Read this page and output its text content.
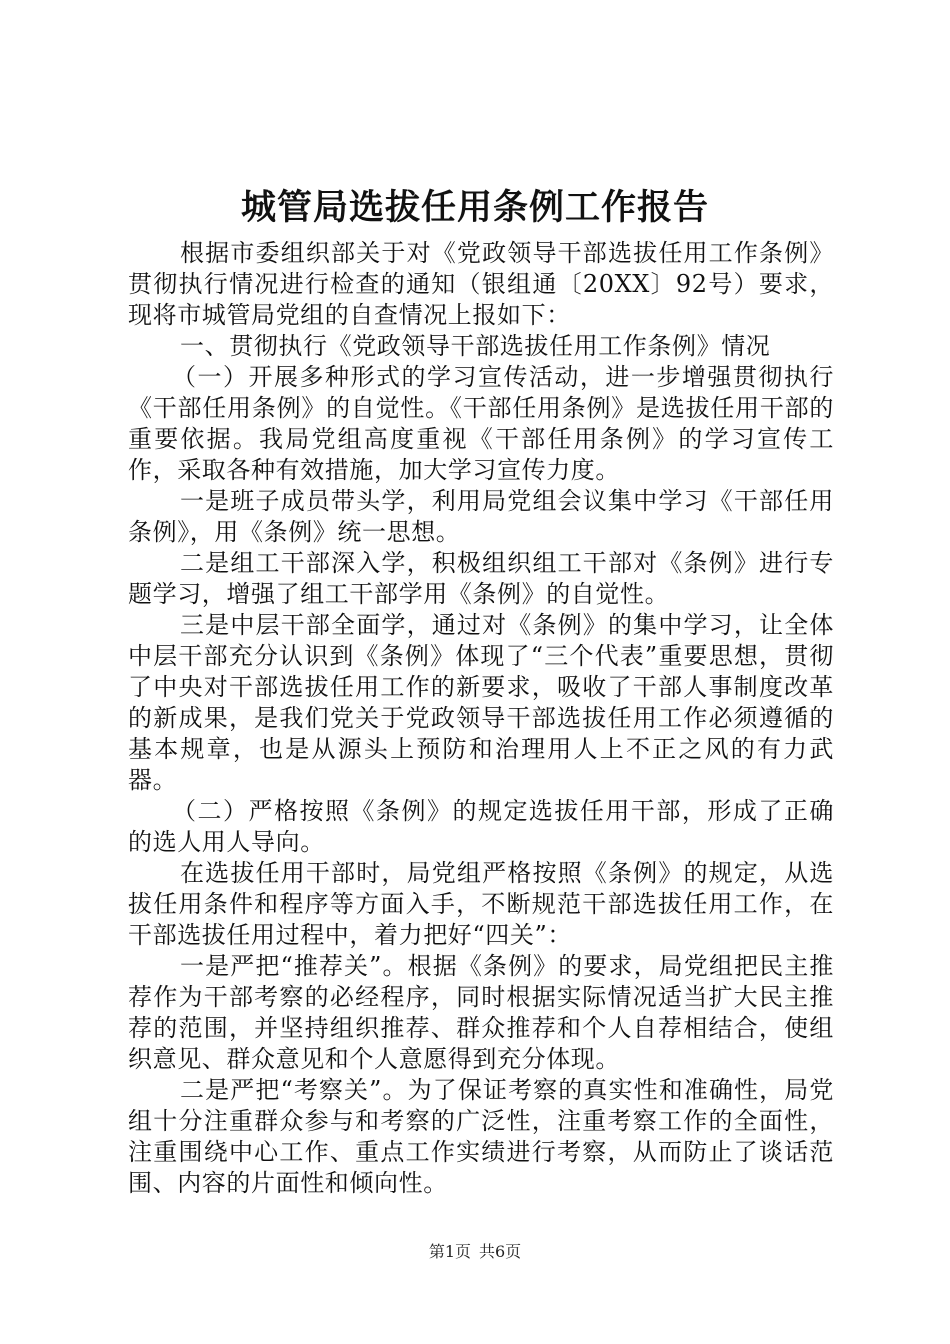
城管局选拔任用条例工作报告

根据市委组织部关于对《党政领导干部选拔任用工作条例》贯彻执行情况进行检查的通知（银组通〔20XX〕92号）要求，现将市城管局党组的自查情况上报如下：

一、贯彻执行《党政领导干部选拔任用工作条例》情况

（一）开展多种形式的学习宣传活动，进一步增强贯彻执行《干部任用条例》的自觉性。《干部任用条例》是选拔任用干部的重要依据。我局党组高度重视《干部任用条例》的学习宣传工作，采取各种有效措施，加大学习宣传力度。

一是班子成员带头学，利用局党组会议集中学习《干部任用条例》，用《条例》统一思想。

二是组工干部深入学，积极组织组工干部对《条例》进行专题学习，增强了组工干部学用《条例》的自觉性。

三是中层干部全面学，通过对《条例》的集中学习，让全体中层干部充分认识到《条例》体现了“三个代表”重要思想，贯彻了中央对干部选拔任用工作的新要求，吸收了干部人事制度改革的新成果，是我们党关于党政领导干部选拔任用工作必须遵循的基本规章，也是从源头上预防和治理用人上不正之风的有力武器。

（二）严格按照《条例》的规定选拔任用干部，形成了正确的选人用人导向。

在选拔任用干部时，局党组严格按照《条例》的规定，从选拔任用条件和程序等方面入手，不断规范干部选拔任用工作，在干部选拔任用过程中，着力把好“四关”：

一是严把“推荐关”。根据《条例》的要求，局党组把民主推荐作为干部考察的必经程序，同时根据实际情况适当扩大民主推荐的范围，并坚持组织推荐、群众推荐和个人自荐相结合，使组织意见、群众意见和个人意愿得到充分体现。

二是严把“考察关”。为了保证考察的真实性和准确性，局党组十分注重群众参与和考察的广泛性，注重考察工作的全面性，注重围绕中心工作、重点工作实绩进行考察，从而防止了谈话范围、内容的片面性和倾向性。

第1页 共6页
